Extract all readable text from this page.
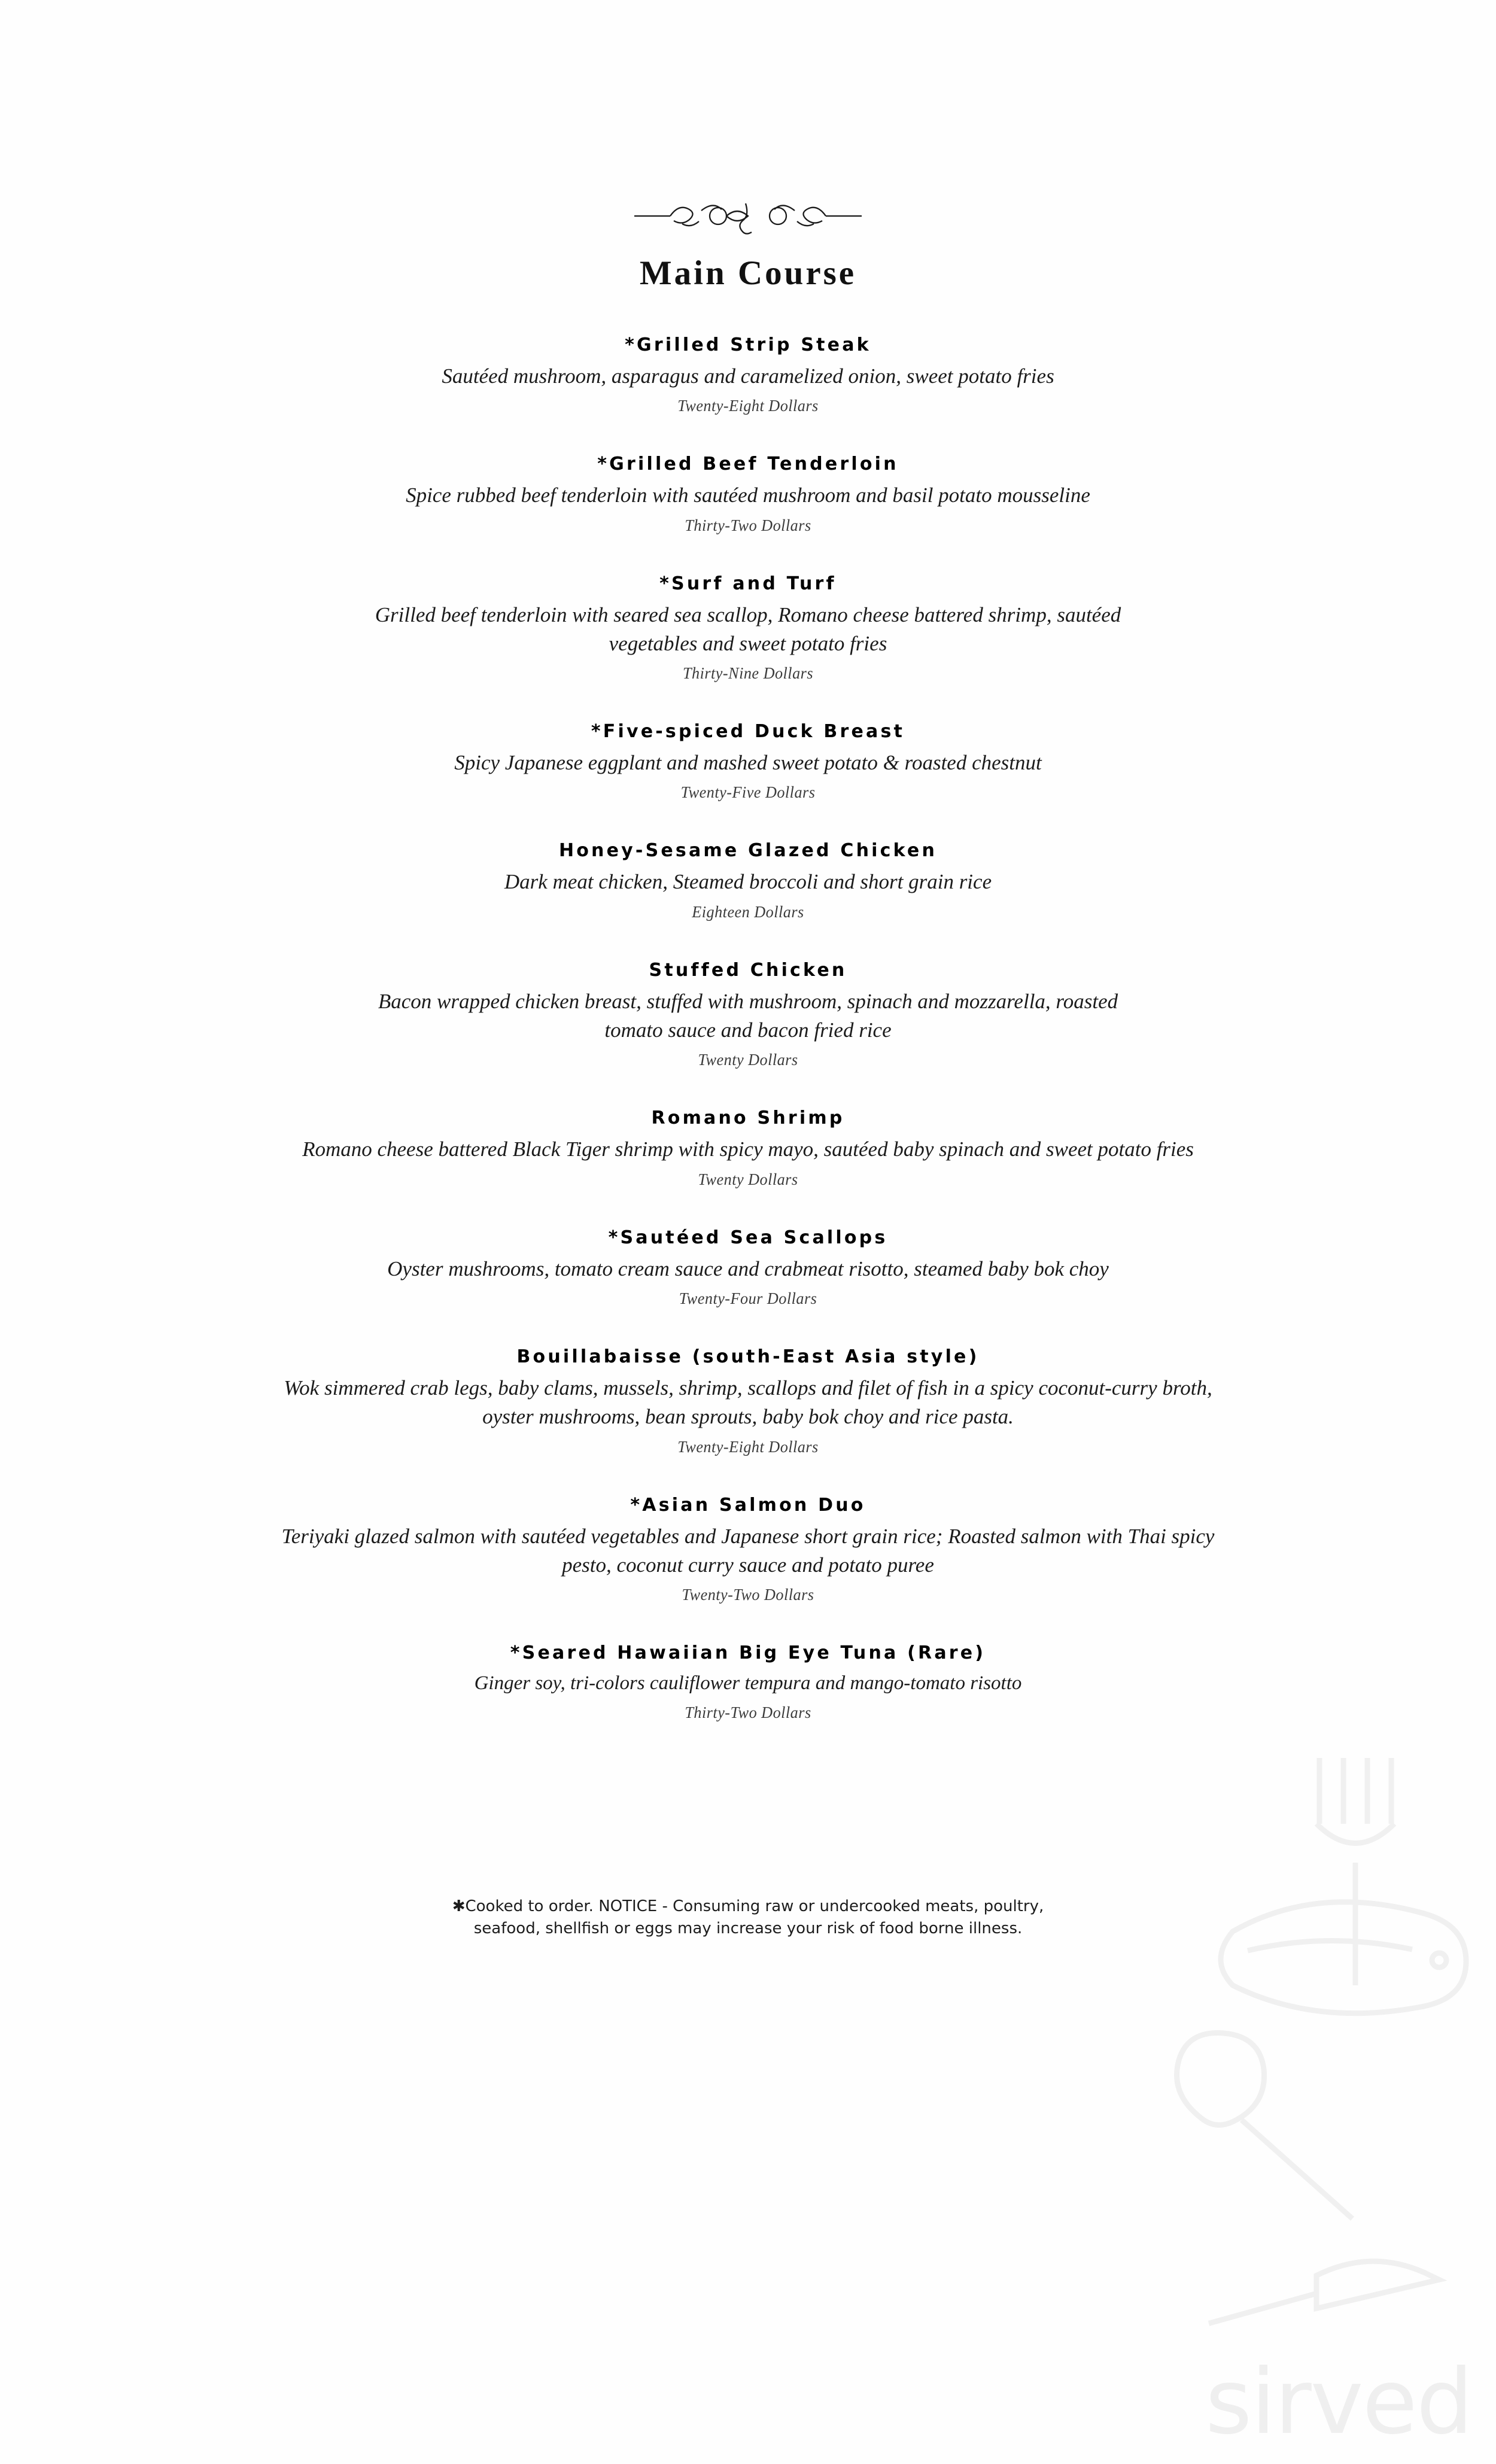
sirved
Main Course
*Grilled Strip Steak
Sautéed mushroom, asparagus and caramelized onion, sweet potato fries
Twenty-Eight Dollars
*Grilled Beef Tenderloin
Spice rubbed beef tenderloin with sautéed mushroom and basil potato mousseline
Thirty-Two Dollars
*Surf and Turf
Grilled beef tenderloin with seared sea scallop, Romano cheese battered shrimp, sautéed vegetables and sweet potato fries
Thirty-Nine Dollars
*Five-spiced Duck Breast
Spicy Japanese eggplant and mashed sweet potato & roasted chestnut
Twenty-Five Dollars
Honey-Sesame Glazed Chicken
Dark meat chicken, Steamed broccoli and short grain rice
Eighteen Dollars
Stuffed Chicken
Bacon wrapped chicken breast, stuffed with mushroom, spinach and mozzarella, roasted tomato sauce and bacon fried rice
Twenty Dollars
Romano Shrimp
Romano cheese battered Black Tiger shrimp with spicy mayo, sautéed baby spinach and sweet potato fries
Twenty Dollars
*Sautéed Sea Scallops
Oyster mushrooms, tomato cream sauce and crabmeat risotto, steamed baby bok choy
Twenty-Four Dollars
Bouillabaisse (south-East Asia style)
Wok simmered crab legs, baby clams, mussels, shrimp, scallops and filet of fish in a spicy coconut-curry broth, oyster mushrooms, bean sprouts, baby bok choy and rice pasta.
Twenty-Eight Dollars
*Asian Salmon Duo
Teriyaki glazed salmon with sautéed vegetables and Japanese short grain rice; Roasted salmon with Thai spicy pesto, coconut curry sauce and potato puree
Twenty-Two Dollars
*Seared Hawaiian Big Eye Tuna (Rare)
Ginger soy, tri-colors cauliflower tempura and mango-tomato risotto
Thirty-Two Dollars
✱Cooked to order. NOTICE - Consuming raw or undercooked meats, poultry,
seafood, shellfish or eggs may increase your risk of food borne illness.
